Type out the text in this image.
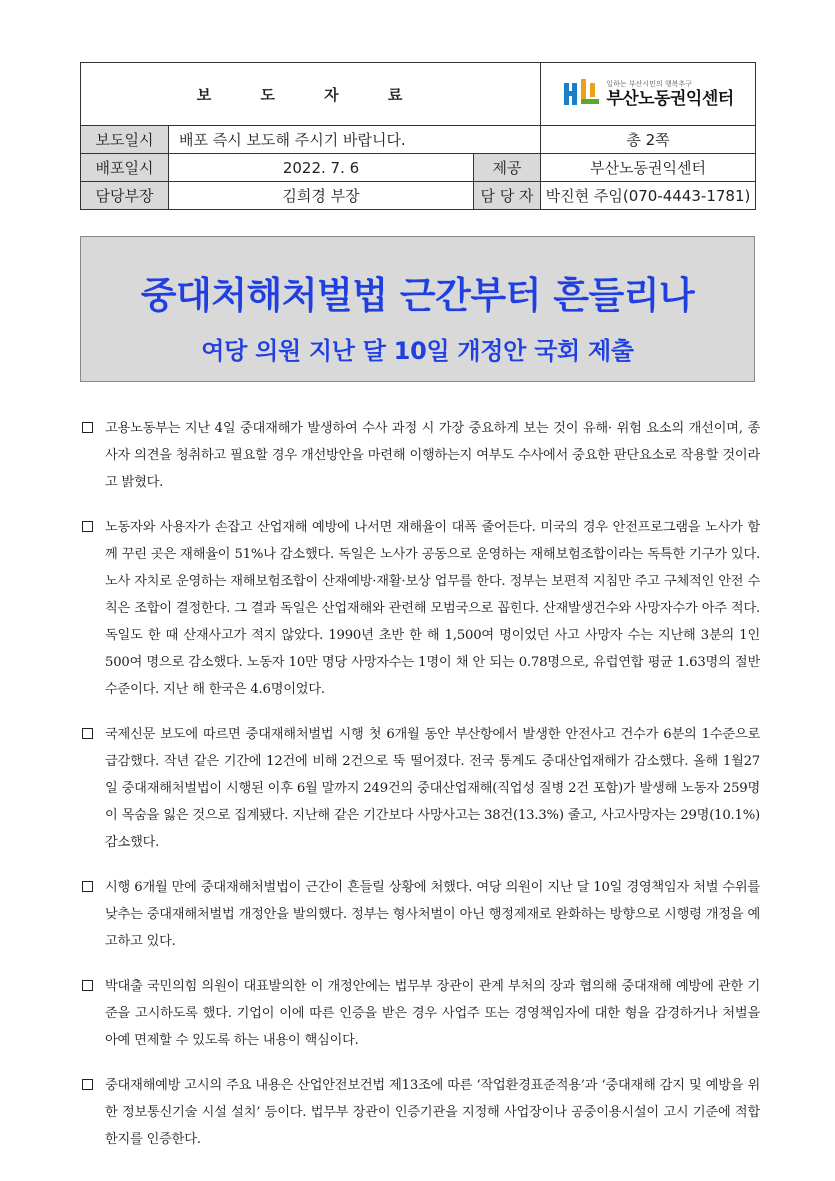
보 도 자 료			일하는 부산시민의 행복추구
부산노동권익센터

보도일시	배포 즉시 보도해 주시기 바랍니다.		총 2쪽
배포일시	2022. 7. 6	제공	부산노동권익센터
담당부장	김희경 부장	담 당 자	박진현 주임(070-4443-1781)
중대처해처벌법 근간부터 흔들리나
여당 의원 지난 달 10일 개정안 국회 제출
고용노동부는 지난 4일 중대재해가 발생하여 수사 과정 시 가장 중요하게 보는 것이 유해· 위험 요소의 개선이며, 종사자 의견을 청취하고 필요할 경우 개선방안을 마련해 이행하는지 여부도 수사에서 중요한 판단요소로 작용할 것이라고 밝혔다.
노동자와 사용자가 손잡고 산업재해 예방에 나서면 재해율이 대폭 줄어든다. 미국의 경우 안전프로그램을 노사가 함께 꾸린 곳은 재해율이 51%나 감소했다. 독일은 노사가 공동으로 운영하는 재해보험조합이라는 독특한 기구가 있다. 노사 자치로 운영하는 재해보험조합이 산재예방·재활·보상 업무를 한다. 정부는 보편적 지침만 주고 구체적인 안전 수칙은 조합이 결정한다. 그 결과 독일은 산업재해와 관련해 모범국으로 꼽힌다. 산재발생건수와 사망자수가 아주 적다. 독일도 한 때 산재사고가 적지 않았다. 1990년 초반 한 해 1,500여 명이었던 사고 사망자 수는 지난해 3분의 1인 500여 명으로 감소했다. 노동자 10만 명당 사망자수는 1명이 채 안 되는 0.78명으로, 유럽연합 평균 1.63명의 절반 수준이다. 지난 해 한국은 4.6명이었다.
국제신문 보도에 따르면 중대재해처벌법 시행 첫 6개월 동안 부산항에서 발생한 안전사고 건수가 6분의 1수준으로 급감했다. 작년 같은 기간에 12건에 비해 2건으로 뚝 떨어졌다. 전국 통계도 중대산업재해가 감소했다. 올해 1월27일 중대재해처벌법이 시행된 이후 6월 말까지 249건의 중대산업재해(직업성 질병 2건 포함)가 발생해 노동자 259명이 목숨을 잃은 것으로 집계됐다. 지난해 같은 기간보다 사망사고는 38건(13.3%) 줄고, 사고사망자는 29명(10.1%) 감소했다.
시행 6개월 만에 중대재해처벌법이 근간이 흔들릴 상황에 처했다. 여당 의원이 지난 달 10일 경영책임자 처벌 수위를 낮추는 중대재해처벌법 개정안을 발의했다. 정부는 형사처벌이 아닌 행정제재로 완화하는 방향으로 시행령 개정을 예고하고 있다.
박대출 국민의힘 의원이 대표발의한 이 개정안에는 법무부 장관이 관계 부처의 장과 협의해 중대재해 예방에 관한 기준을 고시하도록 했다. 기업이 이에 따른 인증을 받은 경우 사업주 또는 경영책임자에 대한 형을 감경하거나 처벌을 아예 면제할 수 있도록 하는 내용이 핵심이다.
중대재해예방 고시의 주요 내용은 산업안전보건법 제13조에 따른 ‘작업환경표준적용’과 ‘중대재해 감지 및 예방을 위한 정보통신기술 시설 설치’ 등이다. 법무부 장관이 인증기관을 지정해 사업장이나 공중이용시설이 고시 기준에 적합한지를 인증한다.
